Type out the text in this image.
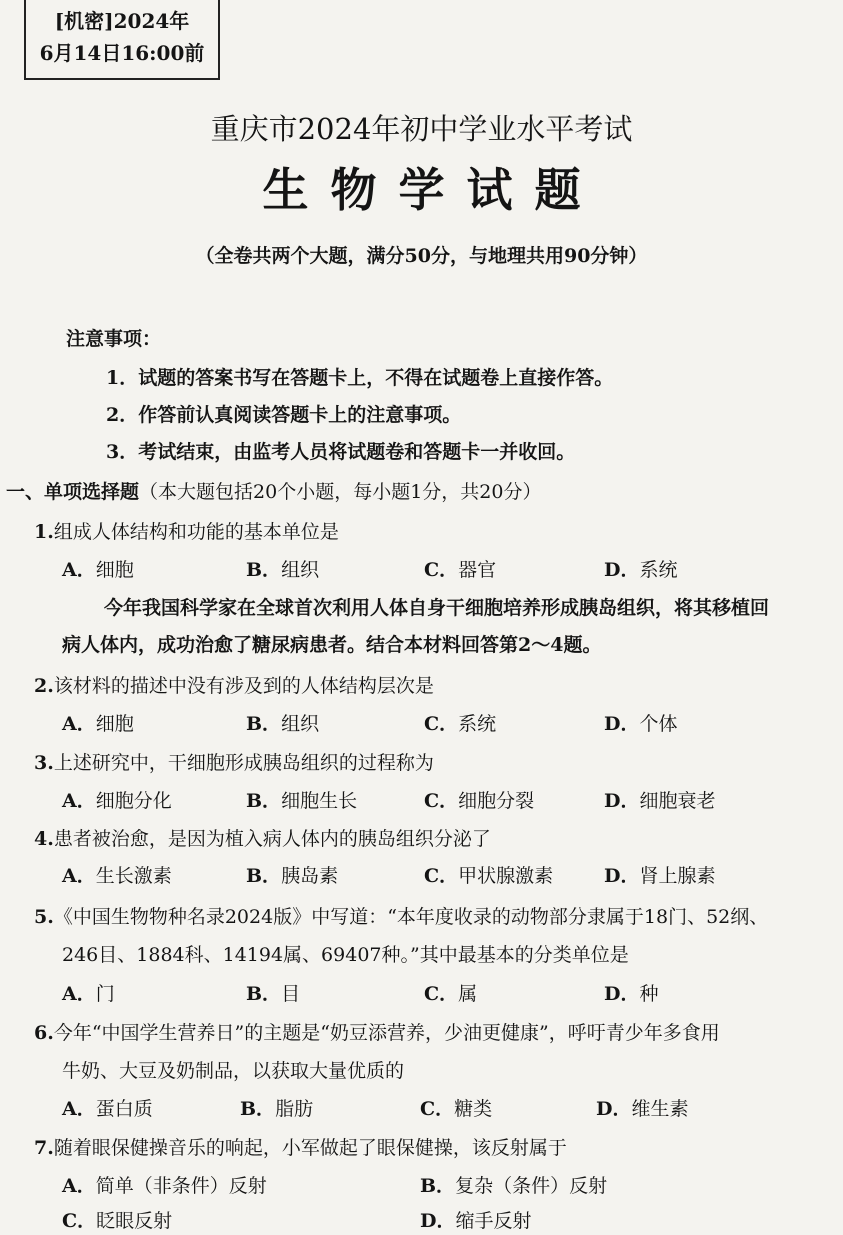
[机密]2024年
6月14日16:00前
重庆市2024年初中学业水平考试
生物学试题
（全卷共两个大题，满分50分，与地理共用90分钟）
注意事项：
1．试题的答案书写在答题卡上，不得在试题卷上直接作答。
2．作答前认真阅读答题卡上的注意事项。
3．考试结束，由监考人员将试题卷和答题卡一并收回。
一、单项选择题（本大题包括20个小题，每小题1分，共20分）
1.组成人体结构和功能的基本单位是
A．细胞	B．组织	C．器官	D．系统
今年我国科学家在全球首次利用人体自身干细胞培养形成胰岛组织，将其移植回
病人体内，成功治愈了糖尿病患者。结合本材料回答第2～4题。
2.该材料的描述中没有涉及到的人体结构层次是
A．细胞	B．组织	C．系统	D．个体
3.上述研究中，干细胞形成胰岛组织的过程称为
A．细胞分化	B．细胞生长	C．细胞分裂	D．细胞衰老
4.患者被治愈，是因为植入病人体内的胰岛组织分泌了
A．生长激素	B．胰岛素	C．甲状腺激素	D．肾上腺素
5.《中国生物物种名录2024版》中写道：“本年度收录的动物部分隶属于18门、52纲、
246目、1884科、14194属、69407种。”其中最基本的分类单位是
A．门	B．目	C．属	D．种
6.今年“中国学生营养日”的主题是“奶豆添营养，少油更健康”，呼吁青少年多食用
牛奶、大豆及奶制品，以获取大量优质的
A．蛋白质	B．脂肪	C．糖类	D．维生素
7.随着眼保健操音乐的响起，小军做起了眼保健操，该反射属于
A．简单（非条件）反射	B．复杂（条件）反射
C．眨眼反射	D．缩手反射
